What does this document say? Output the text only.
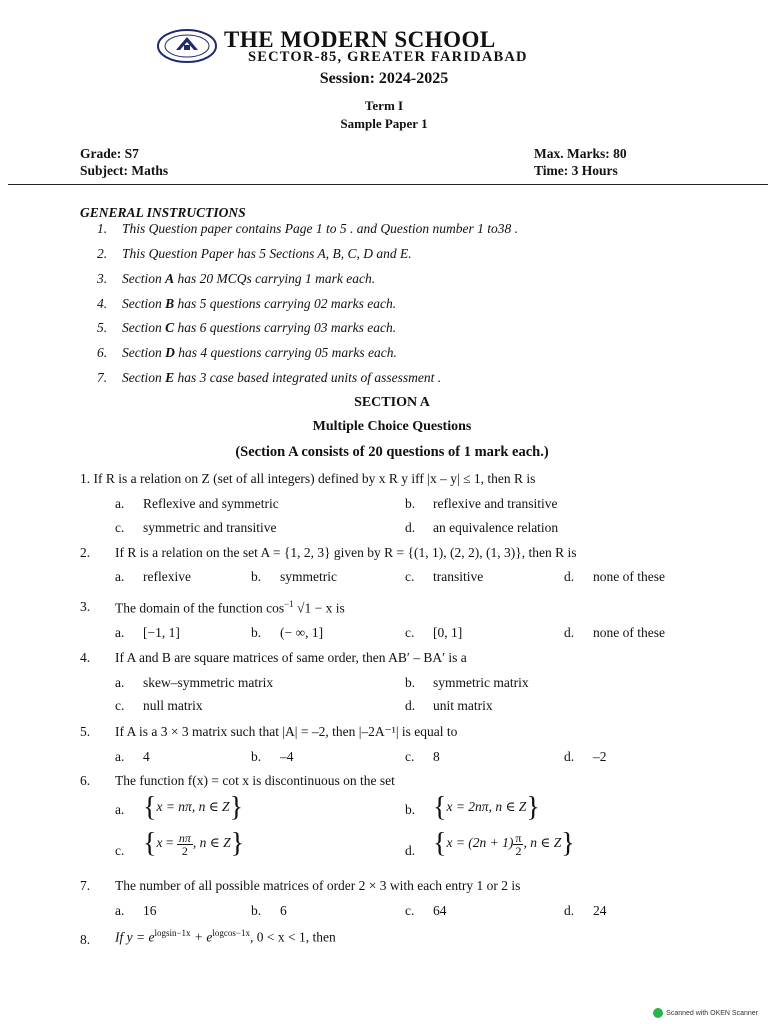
THE MODERN SCHOOL
SECTOR-85, GREATER FARIDABAD
Session: 2024-2025
Term I
Sample Paper 1
Grade: S7
Subject: Maths
Max. Marks: 80
Time: 3 Hours
GENERAL INSTRUCTIONS
1. This Question paper contains Page 1 to 5 . and Question number 1 to38 .
2. This Question Paper has 5 Sections A, B, C, D and E.
3. Section A has 20 MCQs carrying 1 mark each.
4. Section B has 5 questions carrying 02 marks each.
5. Section C has 6 questions carrying 03 marks each.
6. Section D has 4 questions carrying 05 marks each.
7. Section E has 3 case based integrated units of assessment .
SECTION A
Multiple Choice Questions
(Section A consists of 20 questions of 1 mark each.)
1. If R is a relation on Z (set of all integers) defined by x R y iff |x – y| ≤ 1, then R is
a. Reflexive and symmetric	b. reflexive and transitive
c. symmetric and transitive	d. an equivalence relation
2. If R is a relation on the set A = {1, 2, 3} given by R = {(1, 1), (2, 2), (1, 3)}, then R is
a. reflexive	b. symmetric	c. transitive	d. none of these
3. The domain of the function $\cos^{-1} √1 - x$ is
a. [−1, 1]	b. (− ∞, 1]	c. [0, 1]	d. none of these
4. If A and B are square matrices of same order, then AB′ – BA′ is a
a. skew–symmetric matrix	b. symmetric matrix
c. null matrix	d. unit matrix
5. If A is a 3 × 3 matrix such that |A| = –2, then |–2A⁻¹| is equal to
a. 4	b. –4	c. 8	d. –2
6. The function f(x) = cot x is discontinuous on the set
a. {x = nπ, n ∈ Z}	b. {x = 2nπ, n ∈ Z}
c. {$x = \frac{n\pi}{2}$ , n ∈ Z}	d. {$x = (2n + 1) \frac{\pi}{2}$ , n ∈ Z}
7. The number of all possible matrices of order 2 × 3 with each entry 1 or 2 is
a. 16	b. 6	c. 64	d. 24
8. If $y = e^{logsin-1x} + e^{logcos-1x}$, 0 < x < 1, then
Scanned with OKEN Scanner
